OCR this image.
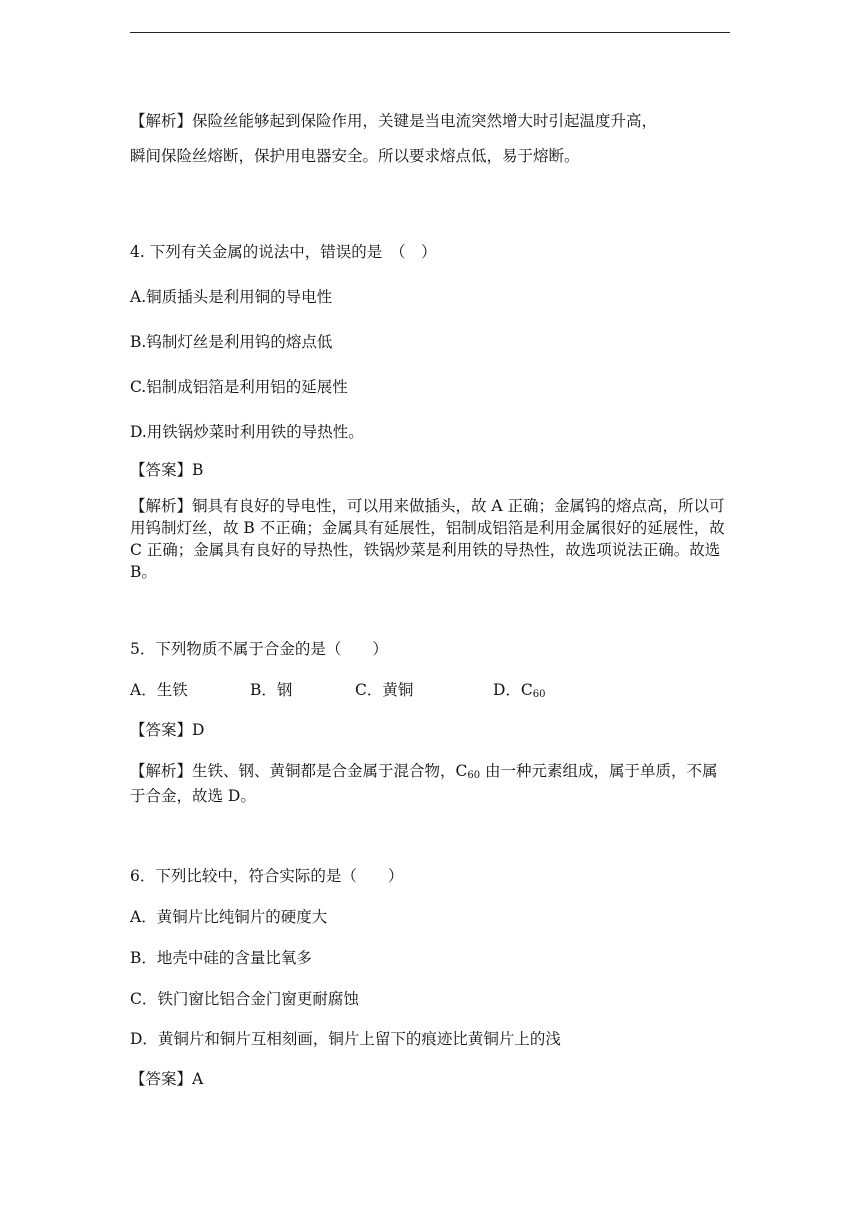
【解析】保险丝能够起到保险作用，关键是当电流突然增大时引起温度升高，
瞬间保险丝熔断，保护用电器安全。所以要求熔点低，易于熔断。
4. 下列有关金属的说法中，错误的是　（　）
A.铜质插头是利用铜的导电性
B.钨制灯丝是利用钨的熔点低
C.铝制成铝箔是利用铝的延展性
D.用铁锅炒菜时利用铁的导热性。
【答案】B
【解析】铜具有良好的导电性，可以用来做插头，故 A 正确；金属钨的熔点高，所以可用钨制灯丝，故 B 不正确；金属具有延展性，铝制成铝箔是利用金属很好的延展性，故 C 正确；金属具有良好的导热性，铁锅炒菜是利用铁的导热性，故选项说法正确。故选 B。
5．下列物质不属于合金的是（　　）
A．生铁	B．钢	C．黄铜	D．$C_{60}$
【答案】D
【解析】生铁、钢、黄铜都是合金属于混合物，$C_{60}$ 由一种元素组成，属于单质，不属于合金，故选 D。
6．下列比较中，符合实际的是（　　）
A．黄铜片比纯铜片的硬度大
B．地壳中硅的含量比氧多
C．铁门窗比铝合金门窗更耐腐蚀
D．黄铜片和铜片互相刻画，铜片上留下的痕迹比黄铜片上的浅
【答案】A
